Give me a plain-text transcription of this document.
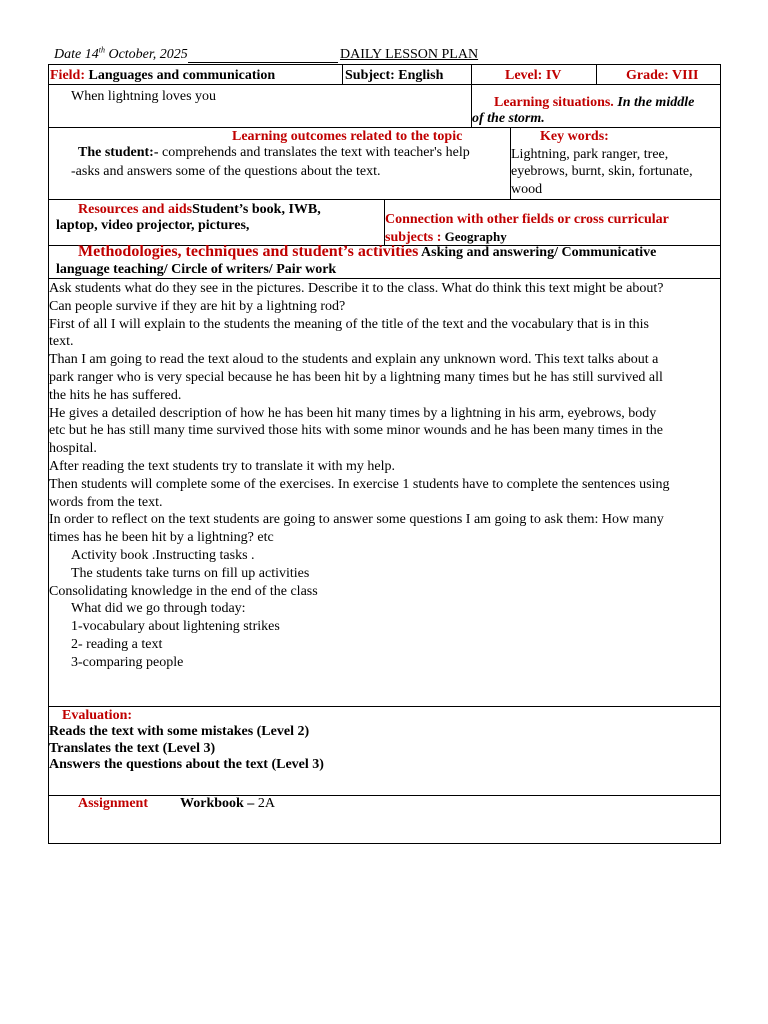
Date 14th October, 2025	DAILY LESSON PLAN
Field: Languages and communication	Subject: English	Level: IV	Grade: VIII
When lightning loves you	Learning situations. In the middle
of the storm.
Learning outcomes related to the topic
The student:- comprehends and translates the text with teacher's help
-asks and answers some of the questions about the text.
Key words:
Lightning, park ranger, tree,
eyebrows, burnt, skin, fortunate,
wood
Resources and aidsStudent’s book, IWB,
laptop, video projector, pictures,	Connection with other fields or cross curricular
subjects : Geography
Methodologies, techniques and student’s activities Asking and answering/ Communicative
language teaching/ Circle of writers/ Pair work
Ask students what do they see in the pictures. Describe it to the class. What do think this text might be about?
Can people survive if they are hit by a lightning rod?
First of all I will explain to the students the meaning of the title of the text and the vocabulary that is in this
text.
Than I am going to read the text aloud to the students and explain any unknown word. This text talks about a
park ranger who is very special because he has been hit by a lightning many times but he has still survived all
the hits he has suffered.
He gives a detailed description of how he has been hit many times by a lightning in his arm, eyebrows, body
etc but he has still many time survived those hits with some minor wounds and he has been many times in the
hospital.
After reading the text students try to translate it with my help.
Then students will complete some of the exercises. In exercise 1 students have to complete the sentences using
words from the text.
In order to reflect on the text students are going to answer some questions I am going to ask them: How many
times has he been hit by a lightning? etc
Activity book .Instructing tasks .
The students take turns on fill up activities
Consolidating knowledge in the end of the class
What did we go through today:
1-vocabulary about lightening strikes
2- reading a text
3-comparing people
Evaluation:
Reads the text with some mistakes (Level 2)
Translates the text (Level 3)
Answers the questions about the text (Level 3)
Assignment Workbook – 2A
